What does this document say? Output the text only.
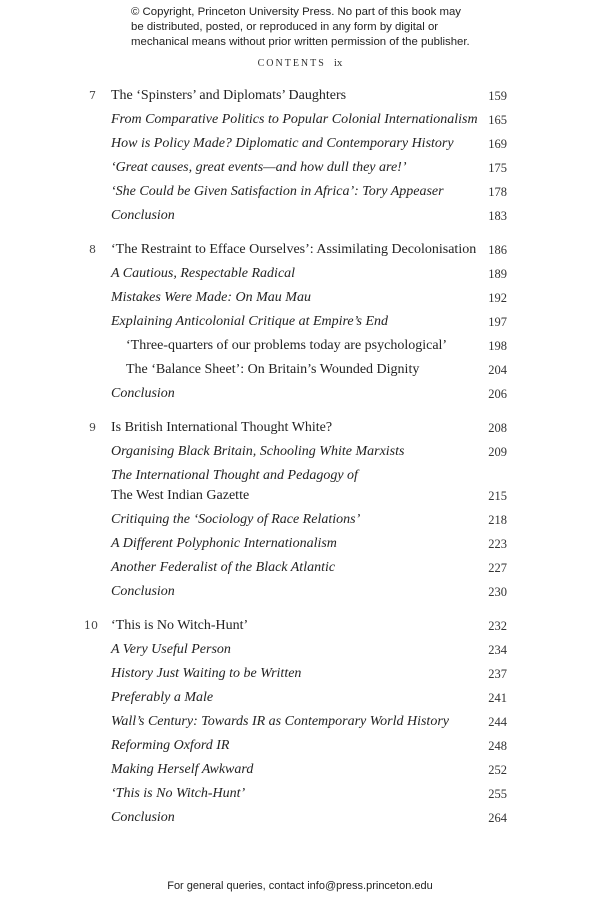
© Copyright, Princeton University Press. No part of this book may be distributed, posted, or reproduced in any form by digital or mechanical means without prior written permission of the publisher.
CONTENTS ix
7	The ‘Spinsters’ and Diplomats’ Daughters	159
From Comparative Politics to Popular Colonial Internationalism 165
How is Policy Made? Diplomatic and Contemporary History	169
‘Great causes, great events—and how dull they are!’	175
‘She Could be Given Satisfaction in Africa’: Tory Appeaser	178
Conclusion	183
8	‘The Restraint to Efface Ourselves’: Assimilating Decolonisation 186
A Cautious, Respectable Radical	189
Mistakes Were Made: On Mau Mau	192
Explaining Anticolonial Critique at Empire’s End	197
‘Three-quarters of our problems today are psychological’	198
The ‘Balance Sheet’: On Britain’s Wounded Dignity	204
Conclusion	206
9	Is British International Thought White?	208
Organising Black Britain, Schooling White Marxists	209
The International Thought and Pedagogy of
The West Indian Gazette	215
Critiquing the ‘Sociology of Race Relations’	218
A Different Polyphonic Internationalism	223
Another Federalist of the Black Atlantic	227
Conclusion	230
10 ‘This is No Witch-Hunt’	232
A Very Useful Person	234
History Just Waiting to be Written	237
Preferably a Male	241
Wall’s Century: Towards IR as Contemporary World History	244
Reforming Oxford IR	248
Making Herself Awkward	252
‘This is No Witch-Hunt’	255
Conclusion	264
For general queries, contact info@press.princeton.edu
